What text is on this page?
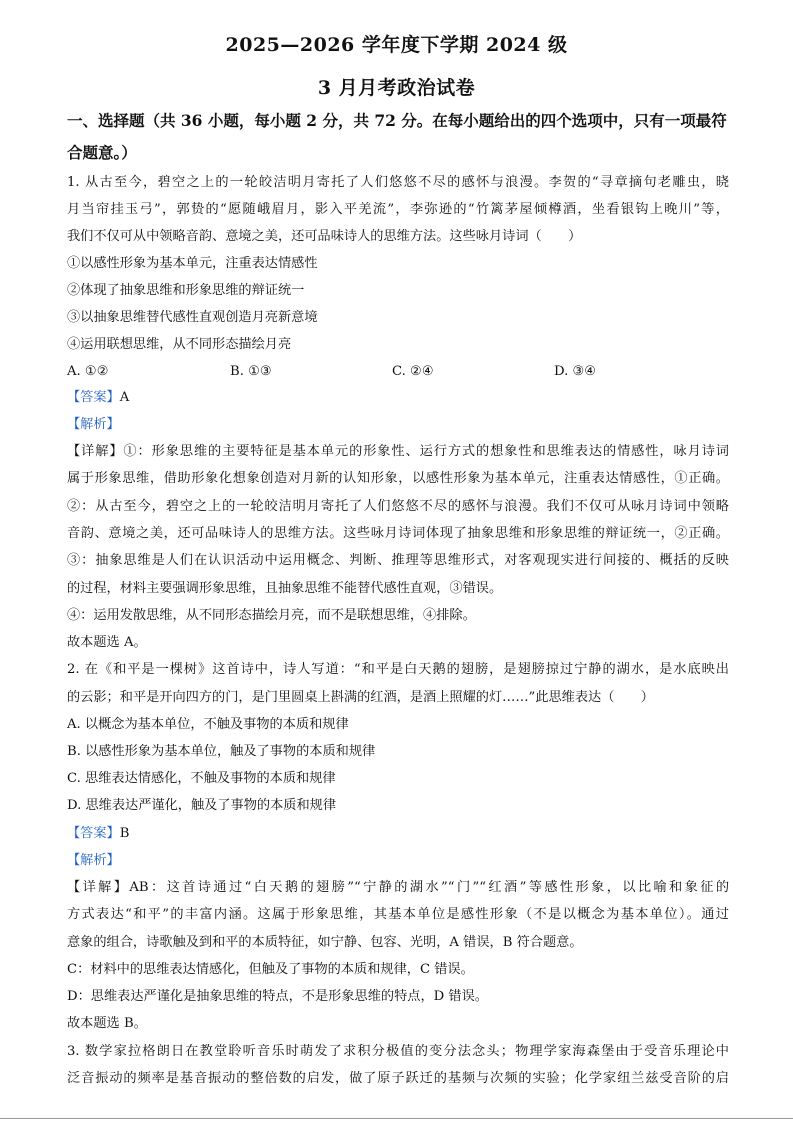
2025—2026 学年度下学期 2024 级
3 月月考政治试卷
一、选择题（共 36 小题，每小题 2 分，共 72 分。在每小题给出的四个选项中，只有一项最符
合题意。）
1. 从古至今，碧空之上的一轮皎洁明月寄托了人们悠悠不尽的感怀与浪漫。李贺的“寻章摘句老雕虫，晓
月当帘挂玉弓”，郭贽的“愿随峨眉月，影入平羌流”，李弥逊的“竹篱茅屋倾樽酒，坐看银钩上晚川”等，
我们不仅可从中领略音韵、意境之美，还可品味诗人的思维方法。这些咏月诗词（　　）
①以感性形象为基本单元，注重表达情感性
②体现了抽象思维和形象思维的辩证统一
③以抽象思维替代感性直观创造月亮新意境
④运用联想思维，从不同形态描绘月亮
A. ①②	B. ①③	C. ②④	D. ③④
【答案】A
【解析】
【详解】①：形象思维的主要特征是基本单元的形象性、运行方式的想象性和思维表达的情感性，咏月诗词
属于形象思维，借助形象化想象创造对月新的认知形象，以感性形象为基本单元，注重表达情感性，①正确。
②：从古至今，碧空之上的一轮皎洁明月寄托了人们悠悠不尽的感怀与浪漫。我们不仅可从咏月诗词中领略
音韵、意境之美，还可品味诗人的思维方法。这些咏月诗词体现了抽象思维和形象思维的辩证统一，②正确。
③：抽象思维是人们在认识活动中运用概念、判断、推理等思维形式，对客观现实进行间接的、概括的反映
的过程，材料主要强调形象思维，且抽象思维不能替代感性直观，③错误。
④：运用发散思维，从不同形态描绘月亮，而不是联想思维，④排除。
故本题选 A。
2. 在《和平是一棵树》这首诗中，诗人写道：“和平是白天鹅的翅膀，是翅膀掠过宁静的湖水，是水底映出
的云影；和平是开向四方的门，是门里圆桌上斟满的红酒，是酒上照耀的灯……”此思维表达（　　）
A. 以概念为基本单位，不触及事物的本质和规律
B. 以感性形象为基本单位，触及了事物的本质和规律
C. 思维表达情感化，不触及事物的本质和规律
D. 思维表达严谨化，触及了事物的本质和规律
【答案】B
【解析】
【详解】AB：这首诗通过“白天鹅的翅膀”“宁静的湖水”“门”“红酒”等感性形象，以比喻和象征的
方式表达“和平”的丰富内涵。这属于形象思维，其基本单位是感性形象（不是以概念为基本单位）。通过
意象的组合，诗歌触及到和平的本质特征，如宁静、包容、光明，A 错误，B 符合题意。
C：材料中的思维表达情感化，但触及了事物的本质和规律，C 错误。
D：思维表达严谨化是抽象思维的特点，不是形象思维的特点，D 错误。
故本题选 B。
3. 数学家拉格朗日在教堂聆听音乐时萌发了求积分极值的变分法念头；物理学家海森堡由于受音乐理论中
泛音振动的频率是基音振动的整倍数的启发，做了原子跃迁的基频与次频的实验；化学家纽兰兹受音阶的启
